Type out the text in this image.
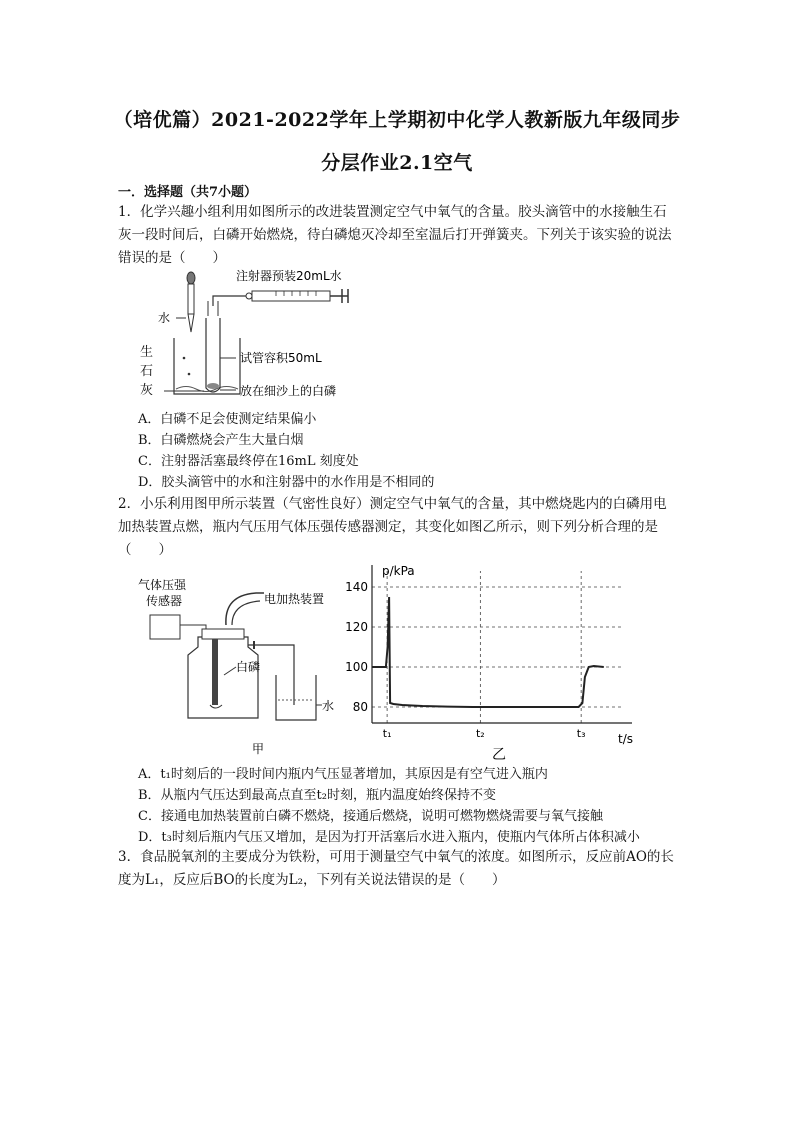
（培优篇）2021-2022学年上学期初中化学人教新版九年级同步
分层作业2.1空气
一．选择题（共7小题）
1．化学兴趣小组利用如图所示的改进装置测定空气中氧气的含量。胶头滴管中的水接触生石灰一段时间后，白磷开始燃烧，待白磷熄灭冷却至室温后打开弹簧夹。下列关于该实验的说法错误的是（　　）
注射器预装20mL水
水
试管容积50mL
放在细沙上的白磷
生石灰
A．白磷不足会使测定结果偏小
B．白磷燃烧会产生大量白烟
C．注射器活塞最终停在16mL 刻度处
D．胶头滴管中的水和注射器中的水作用是不相同的
2．小乐利用图甲所示装置（气密性良好）测定空气中氧气的含量，其中燃烧匙内的白磷用电加热装置点燃，瓶内气压用气体压强传感器测定，其变化如图乙所示，则下列分析合理的是（　　）
气体压强
传感器	电加热装置
白磷
水
甲
p/kPa
t/s
乙
80
100
120
140
t₁	t₂	t₃
A．t₁时刻后的一段时间内瓶内气压显著增加，其原因是有空气进入瓶内
B．从瓶内气压达到最高点直至t₂时刻，瓶内温度始终保持不变
C．接通电加热装置前白磷不燃烧，接通后燃烧，说明可燃物燃烧需要与氧气接触
D．t₃时刻后瓶内气压又增加，是因为打开活塞后水进入瓶内，使瓶内气体所占体积减小
3．食品脱氧剂的主要成分为铁粉，可用于测量空气中氧气的浓度。如图所示，反应前AO的长度为L₁，反应后BO的长度为L₂，下列有关说法错误的是（　　）
